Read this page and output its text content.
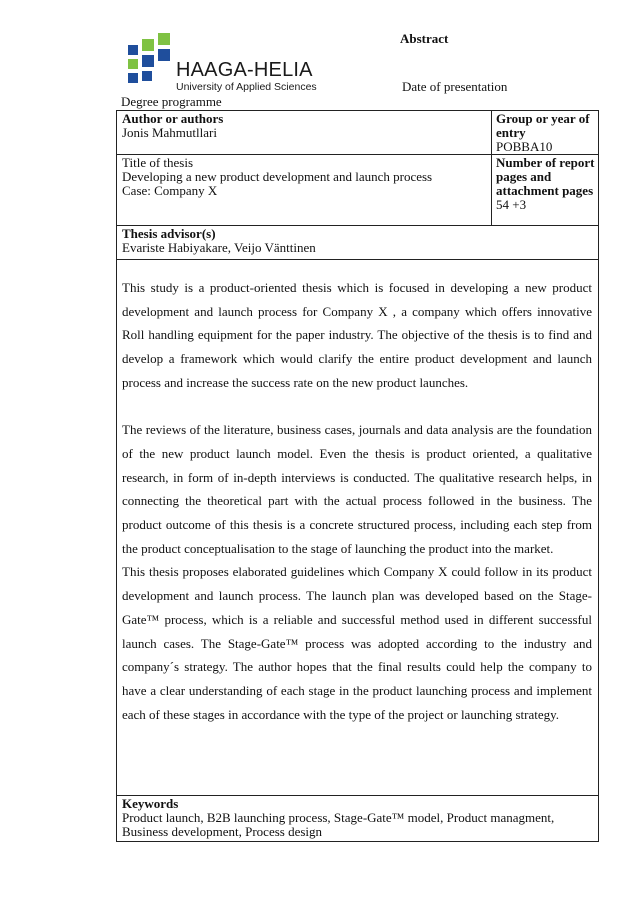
HAAGA-HELIA
University of Applied Sciences
Abstract
Date of presentation
Degree programme
Author or authors
Jonis Mahmutllari
Group or year of entry
POBBA10
Title of thesis
Developing a new product development and launch process
Case: Company X
Number of report pages and attachment pages
54 +3
Thesis advisor(s)
Evariste Habiyakare, Veijo Vänttinen

This study is a product-oriented thesis which is focused in developing a new product development and launch process for Company X , a company which offers innovative Roll handling equipment for the paper industry. The objective of the thesis is to find and develop a framework which would clarify the entire product development and launch process and increase the success rate on the new product launches.

The reviews of the literature, business cases, journals and data analysis are the foundation of the new product launch model. Even the thesis is product oriented, a qualitative research, in form of in-depth interviews is conducted. The qualitative research helps, in connecting the theoretical part with the actual process followed in the business. The product outcome of this thesis is a concrete structured process, including each step from the product conceptualisation to the stage of launching the product into the market.

This thesis proposes elaborated guidelines which Company X could follow in its product development and launch process. The launch plan was developed based on the Stage-Gate™ process, which is a reliable and successful method used in different successful launch cases. The Stage-Gate™ process was adopted according to the industry and company´s strategy. The author hopes that the final results could help the company to have a clear understanding of each stage in the product launching process and implement each of these stages in accordance with the type of the project or launching strategy.

Keywords
Product launch, B2B launching process, Stage-Gate™ model, Product managment, Business development, Process design
